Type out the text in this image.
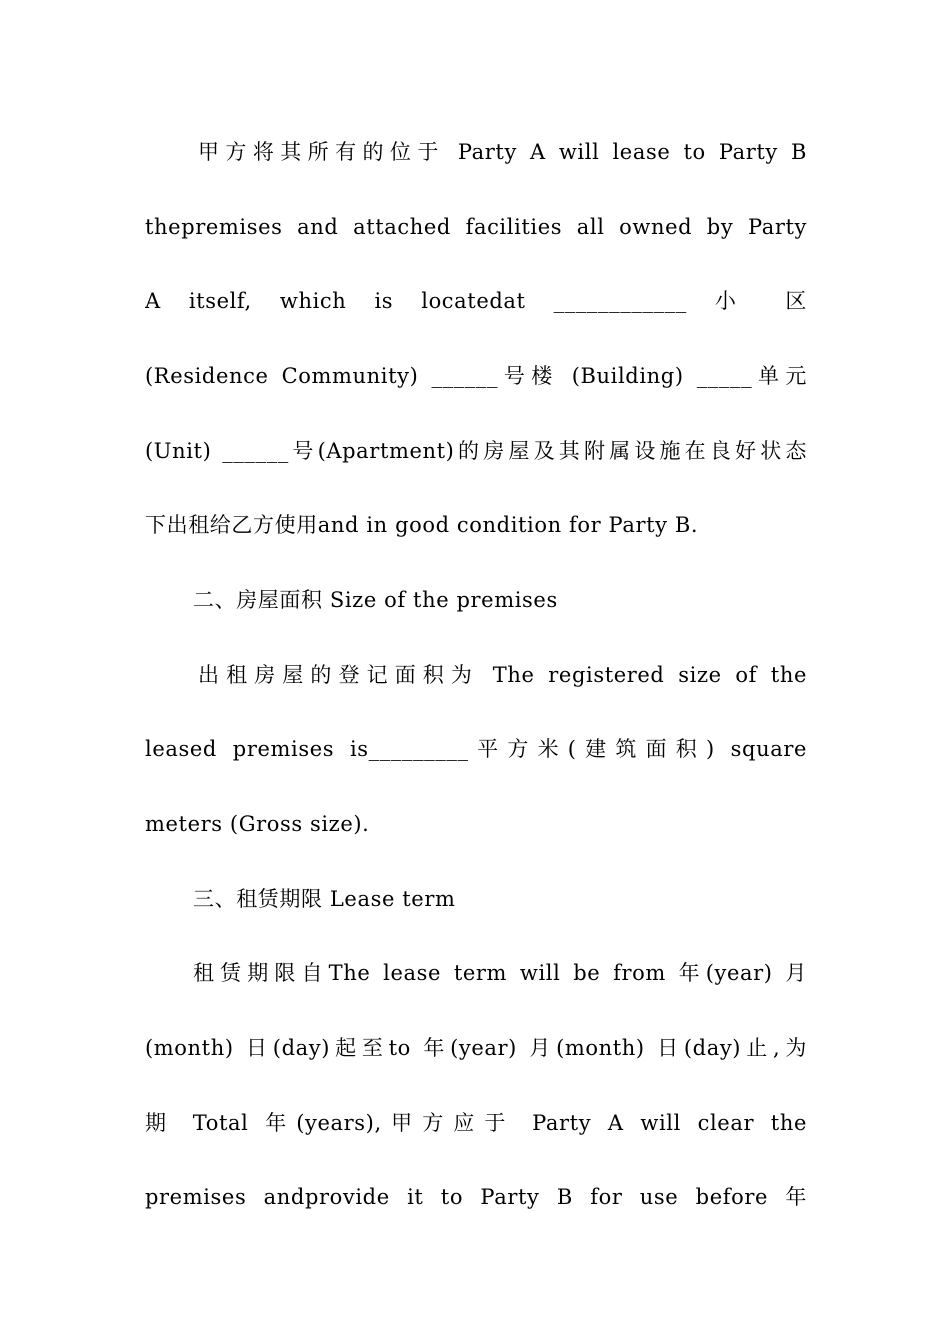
甲方将其所有的位于 Party A will lease to Party B
thepremises and attached facilities all owned by Party
A itself, which is locatedat ____________ 小 区
(Residence Community) ______号楼 (Building) _____单元
(Unit) ______号(Apartment)的房屋及其附属设施在良好状态
下出租给乙方使用and in good condition for Party B.
二、房屋面积 Size of the premises
出租房屋的登记面积为 The registered size of the
leased premises is_________平方米(建筑面积) square
meters (Gross size).
三、租赁期限 Lease term
租赁期限自The lease term will be from 年(year) 月
(month) 日(day)起至to 年(year) 月(month) 日(day)止,为
期 Total 年(years),甲方应于 Party A will clear the
premises andprovide it to Party B for use before 年
